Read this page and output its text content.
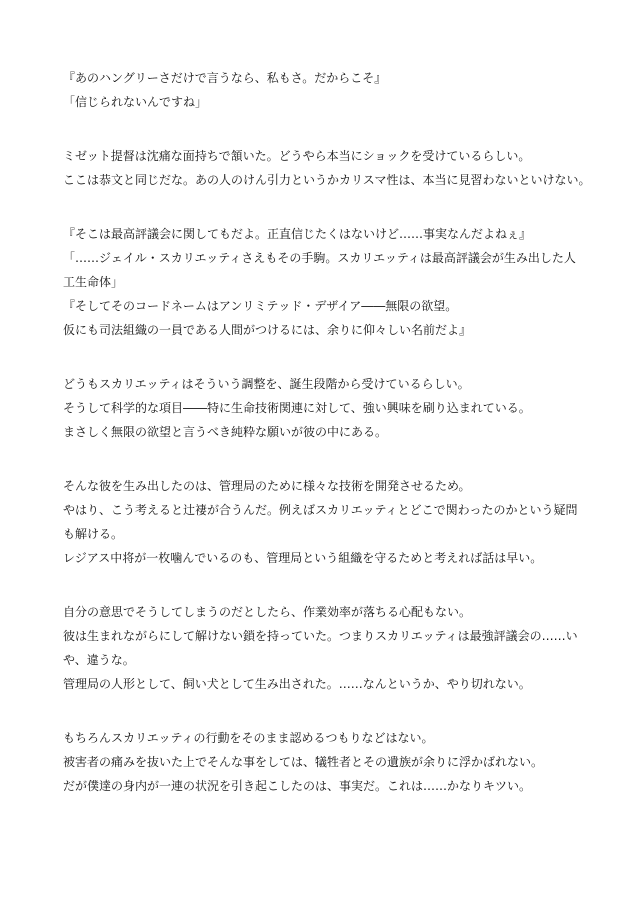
『あのハングリーさだけで言うなら、私もさ。だからこそ』
「信じられないんですね」
ミゼット提督は沈痛な面持ちで頷いた。どうやら本当にショックを受けているらしい。
ここは恭文と同じだな。あの人のけん引力というかカリスマ性は、本当に見習わないといけない。
『そこは最高評議会に関してもだよ。正直信じたくはないけど……事実なんだよねぇ』
「……ジェイル・スカリエッティさえもその手駒。スカリエッティは最高評議会が生み出した人
工生命体」
『そしてそのコードネームはアンリミテッド・デザイア――無限の欲望。
仮にも司法組織の一員である人間がつけるには、余りに仰々しい名前だよ』
どうもスカリエッティはそういう調整を、誕生段階から受けているらしい。
そうして科学的な項目――特に生命技術関連に対して、強い興味を刷り込まれている。
まさしく無限の欲望と言うべき純粋な願いが彼の中にある。
そんな彼を生み出したのは、管理局のために様々な技術を開発させるため。
やはり、こう考えると辻褄が合うんだ。例えばスカリエッティとどこで関わったのかという疑問
も解ける。
レジアス中将が一枚噛んでいるのも、管理局という組織を守るためと考えれば話は早い。
自分の意思でそうしてしまうのだとしたら、作業効率が落ちる心配もない。
彼は生まれながらにして解けない鎖を持っていた。つまりスカリエッティは最強評議会の……い
や、違うな。
管理局の人形として、飼い犬として生み出された。……なんというか、やり切れない。
もちろんスカリエッティの行動をそのまま認めるつもりなどはない。
被害者の痛みを抜いた上でそんな事をしては、犠牲者とその遺族が余りに浮かばれない。
だが僕達の身内が一連の状況を引き起こしたのは、事実だ。これは……かなりキツい。
